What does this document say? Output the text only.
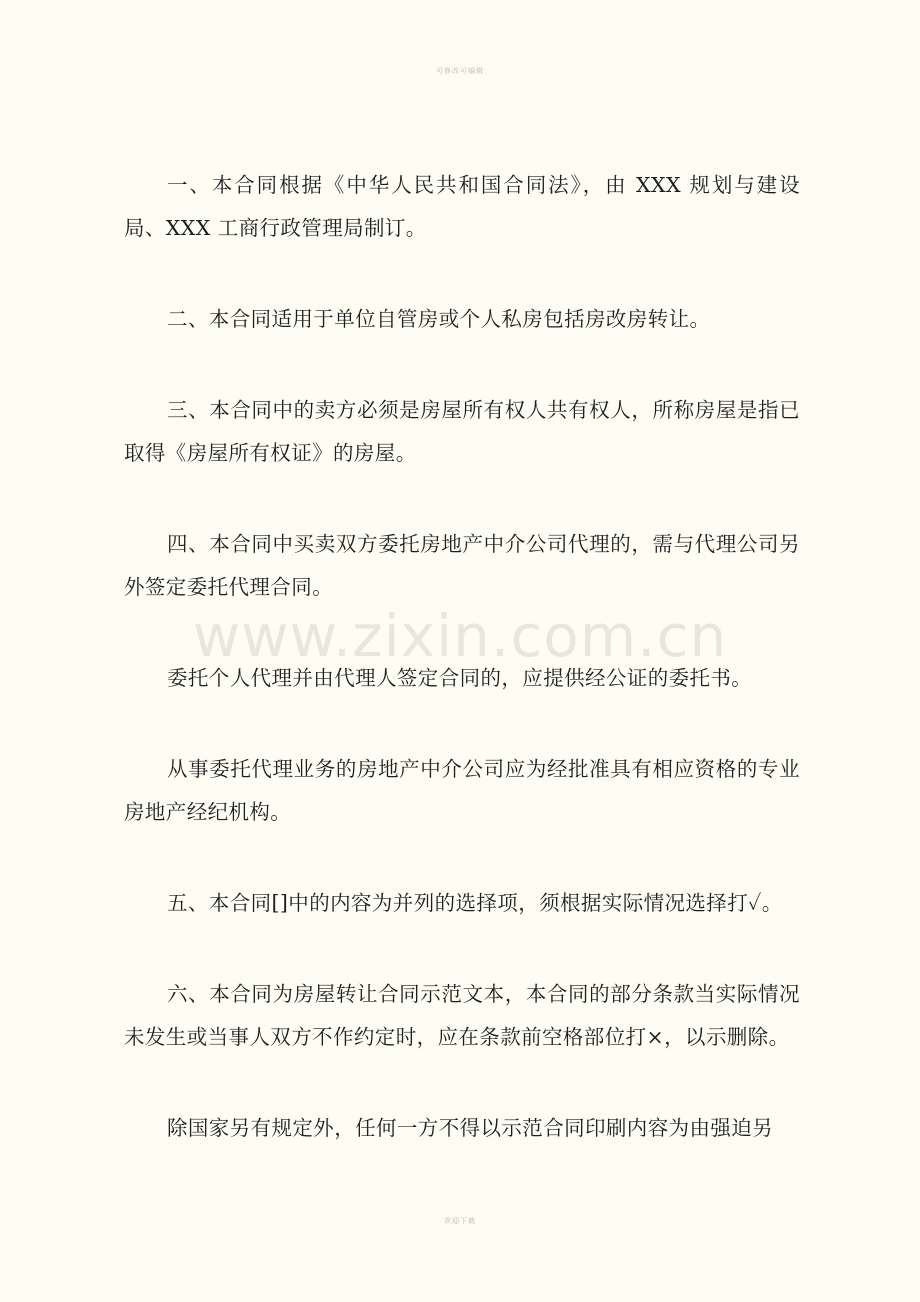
可修改可编辑
www.zixin.com.cn

一、本合同根据《中华人民共和国合同法》，由 XXX 规划与建设局、XXX 工商行政管理局制订。

二、本合同适用于单位自管房或个人私房包括房改房转让。

三、本合同中的卖方必须是房屋所有权人共有权人，所称房屋是指已取得《房屋所有权证》的房屋。

四、本合同中买卖双方委托房地产中介公司代理的，需与代理公司另外签定委托代理合同。

委托个人代理并由代理人签定合同的，应提供经公证的委托书。

从事委托代理业务的房地产中介公司应为经批准具有相应资格的专业房地产经纪机构。

五、本合同[]中的内容为并列的选择项，须根据实际情况选择打✓。

六、本合同为房屋转让合同示范文本，本合同的部分条款当实际情况未发生或当事人双方不作约定时，应在条款前空格部位打×，以示删除。

除国家另有规定外，任何一方不得以示范合同印刷内容为由强迫另

欢迎下载
